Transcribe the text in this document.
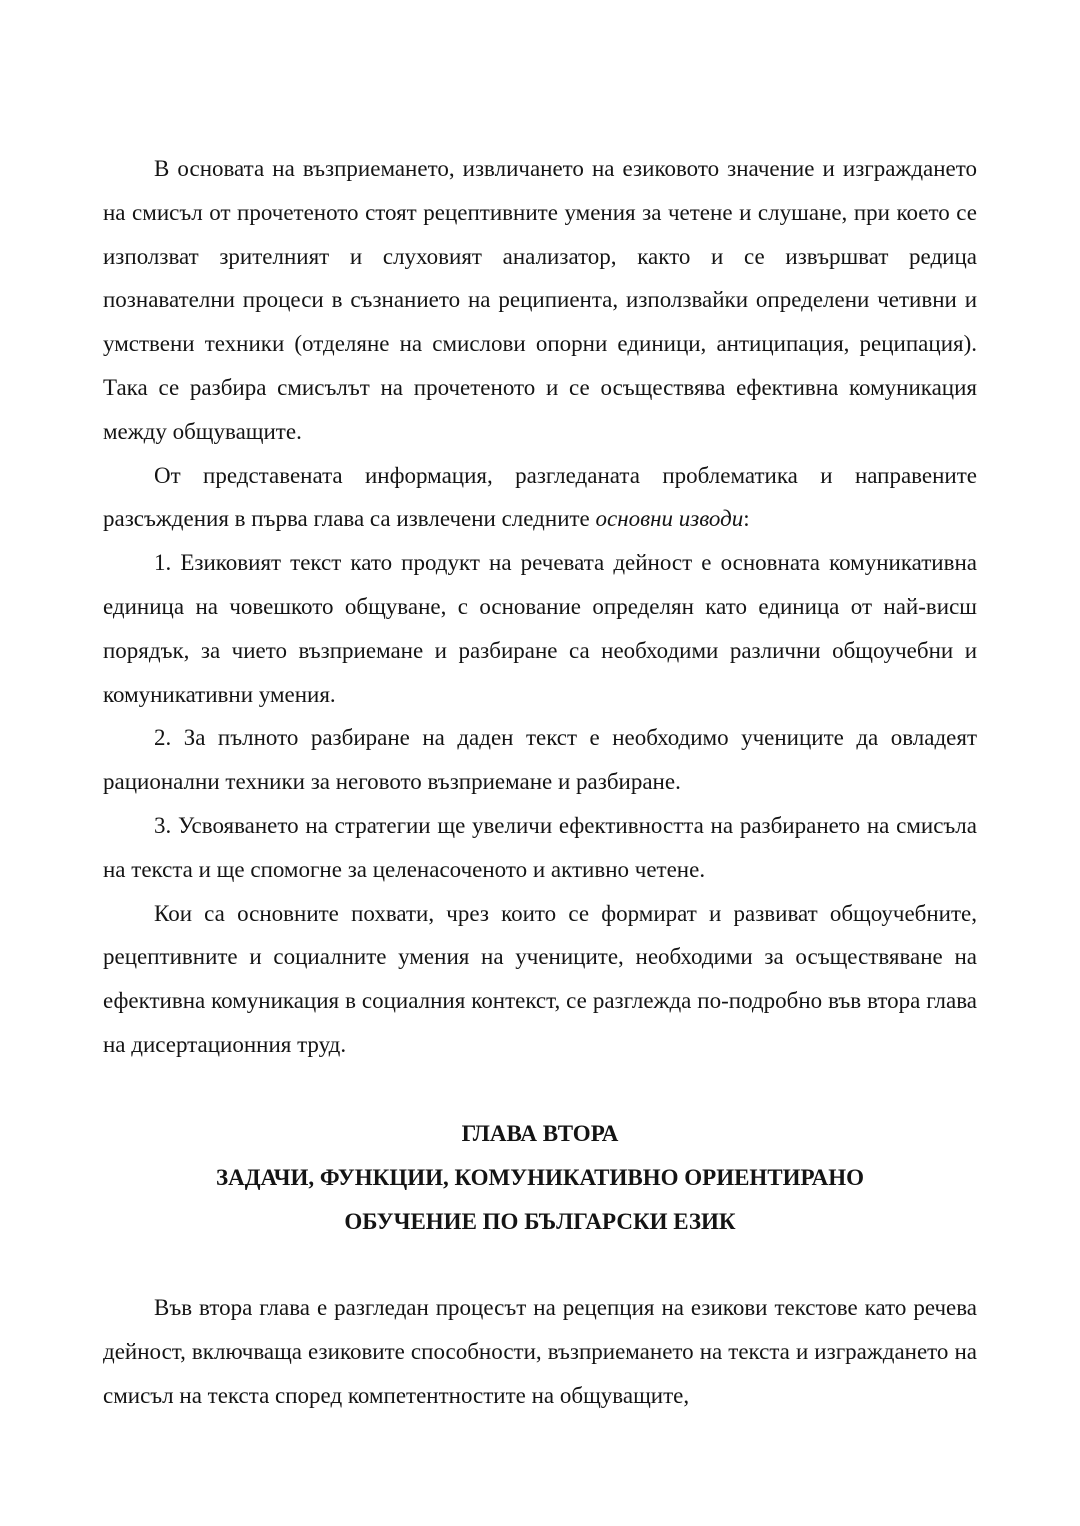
В основата на възприемането, извличането на езиковото значение и изграждането на смисъл от прочетеното стоят рецептивните умения за четене и слушане, при което се използват зрителният и слуховият анализатор, както и се извършват редица познавателни процеси в съзнанието на реципиента, използвайки определени четивни и умствени техники (отделяне на смислови опорни единици, антиципация, реципация). Така се разбира смисълът на прочетеното и се осъществява ефективна комуникация между общуващите.

От представената информация, разгледаната проблематика и направените разсъждения в първа глава са извлечени следните основни изводи:

1. Езиковият текст като продукт на речевата дейност е основната комуникативна единица на човешкото общуване, с основание определян като единица от най-висш порядък, за чието възприемане и разбиране са необходими различни общоучебни и комуникативни умения.

2. За пълното разбиране на даден текст е необходимо учениците да овладеят рационални техники за неговото възприемане и разбиране.

3. Усвояването на стратегии ще увеличи ефективността на разбирането на смисъла на текста и ще спомогне за целенасоченото и активно четене.

Кои са основните похвати, чрез които се формират и развиват общоучебните, рецептивните и социалните умения на учениците, необходими за осъществяване на ефективна комуникация в социалния контекст, се разглежда по-подробно във втора глава на дисертационния труд.

ГЛАВА ВТОРА
ЗАДАЧИ, ФУНКЦИИ, КОМУНИКАТИВНО ОРИЕНТИРАНО
ОБУЧЕНИЕ ПО БЪЛГАРСКИ ЕЗИК

Във втора глава е разгледан процесът на рецепция на езикови текстове като речева дейност, включваща езиковите способности, възприемането на текста и изграждането на смисъл на текста според компетентностите на общуващите,
